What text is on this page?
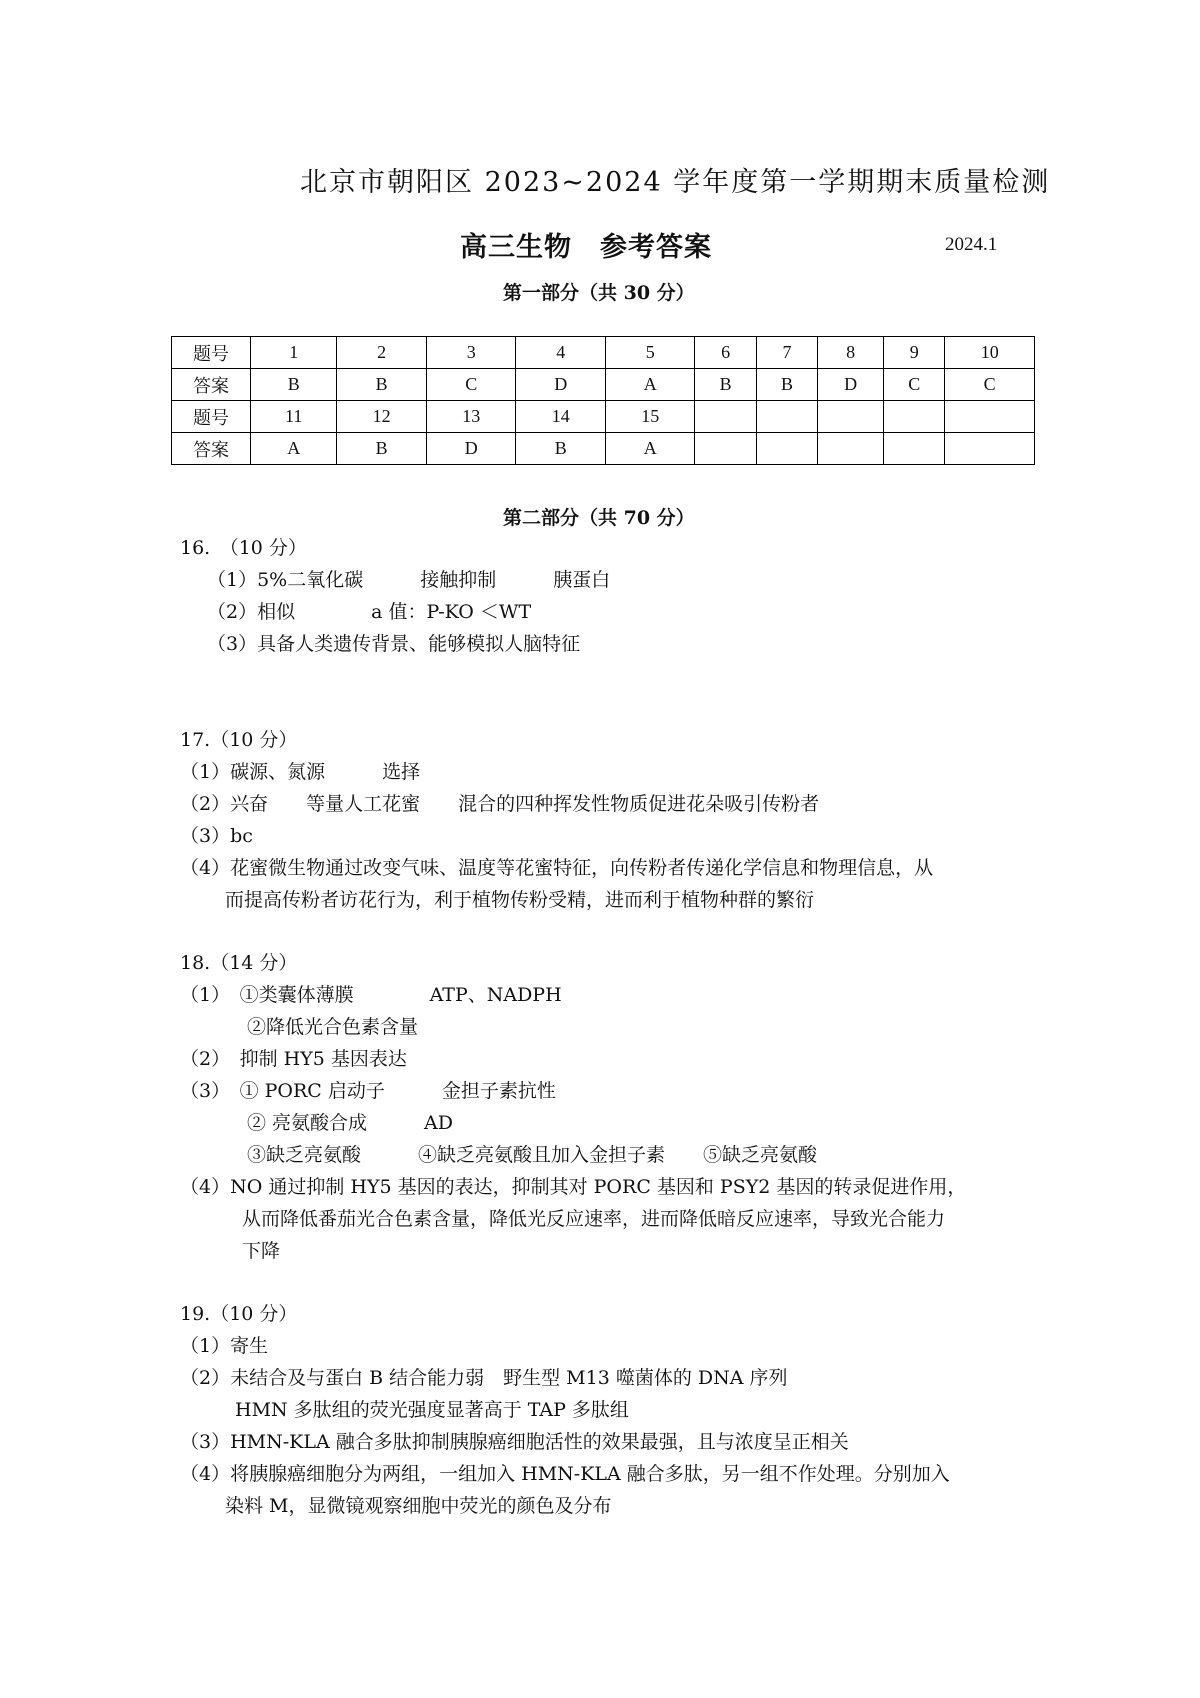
北京市朝阳区 2023~2024 学年度第一学期期末质量检测
高三生物　参考答案	2024.1
第一部分（共 30 分）
题号	1	2	3	4	5	6	7	8	9	10
答案	B	B	C	D	A	B	B	D	C	C
题号	11	12	13	14	15					
答案	A	B	D	B	A					
第二部分（共 70 分）
16.　（10 分）
（1）5%二氧化碳　　　接触抑制　　　胰蛋白
（2）相似　　　　a 值：P-KO ＜WT
（3）具备人类遗传背景、能够模拟人脑特征
17.（10 分）
（1）碳源、氮源　　　选择
（2）兴奋　　等量人工花蜜　　混合的四种挥发性物质促进花朵吸引传粉者
（3）bc
（4）花蜜微生物通过改变气味、温度等花蜜特征，向传粉者传递化学信息和物理信息，从
而提高传粉者访花行为，利于植物传粉受精，进而利于植物种群的繁衍
18.（14 分）
（1）　①类囊体薄膜　　　　ATP、NADPH
②降低光合色素含量
（2）　抑制 HY5 基因表达
（3）　① PORC 启动子　　　金担子素抗性
② 亮氨酸合成　　　AD
③缺乏亮氨酸　　　④缺乏亮氨酸且加入金担子素　　⑤缺乏亮氨酸
（4）NO 通过抑制 HY5 基因的表达，抑制其对 PORC 基因和 PSY2 基因的转录促进作用，
从而降低番茄光合色素含量，降低光反应速率，进而降低暗反应速率，导致光合能力
下降
19.（10 分）
（1）寄生
（2）未结合及与蛋白 B 结合能力弱　野生型 M13 噬菌体的 DNA 序列
HMN 多肽组的荧光强度显著高于 TAP 多肽组
（3）HMN-KLA 融合多肽抑制胰腺癌细胞活性的效果最强，且与浓度呈正相关
（4）将胰腺癌细胞分为两组，一组加入 HMN-KLA 融合多肽，另一组不作处理。分别加入
染料 M，显微镜观察细胞中荧光的颜色及分布
